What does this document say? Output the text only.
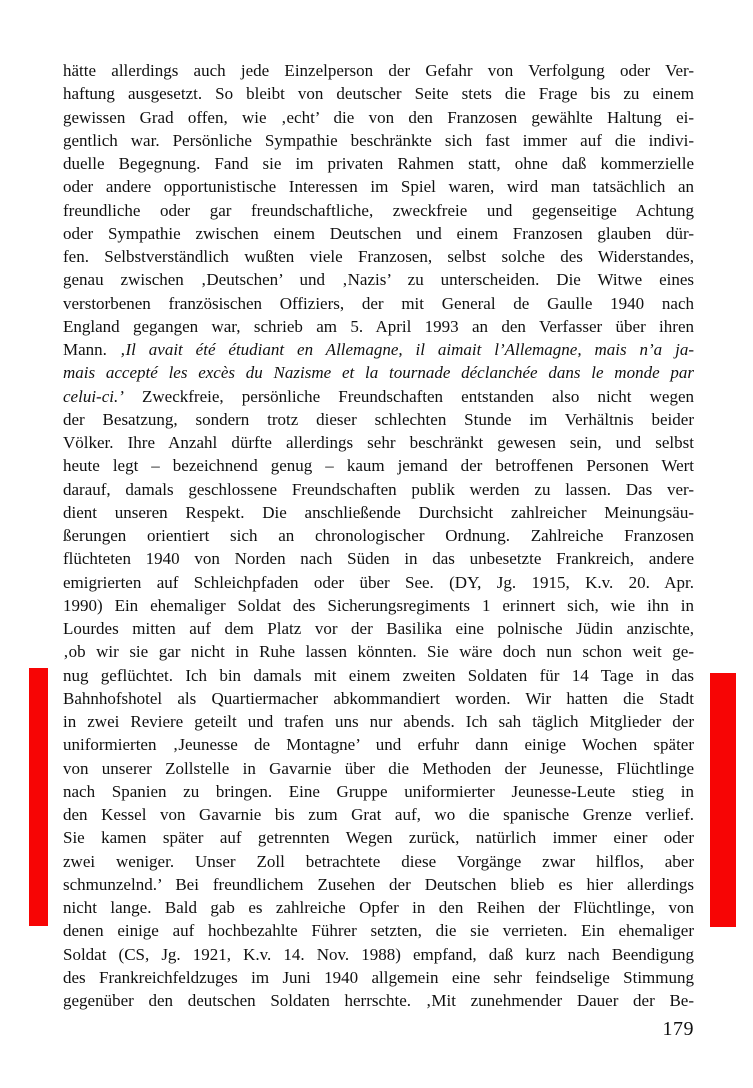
hätte allerdings auch jede Einzelperson der Gefahr von Verfolgung oder Ver-
haftung ausgesetzt. So bleibt von deutscher Seite stets die Frage bis zu einem
gewissen Grad offen, wie ‚echt’ die von den Franzosen gewählte Haltung ei-
gentlich war. Persönliche Sympathie beschränkte sich fast immer auf die indivi-
duelle Begegnung. Fand sie im privaten Rahmen statt, ohne daß kommerzielle
oder andere opportunistische Interessen im Spiel waren, wird man tatsächlich an
freundliche oder gar freundschaftliche, zweckfreie und gegenseitige Achtung
oder Sympathie zwischen einem Deutschen und einem Franzosen glauben dür-
fen. Selbstverständlich wußten viele Franzosen, selbst solche des Widerstandes,
genau zwischen ‚Deutschen’ und ‚Nazis’ zu unterscheiden. Die Witwe eines
verstorbenen französischen Offiziers, der mit General de Gaulle 1940 nach
England gegangen war, schrieb am 5. April 1993 an den Verfasser über ihren
Mann. ‚Il avait été étudiant en Allemagne, il aimait l’Allemagne, mais n’a ja-
mais accepté les excès du Nazisme et la tournade déclanchée dans le monde par
celui-ci.’ Zweckfreie, persönliche Freundschaften entstanden also nicht wegen
der Besatzung, sondern trotz dieser schlechten Stunde im Verhältnis beider
Völker. Ihre Anzahl dürfte allerdings sehr beschränkt gewesen sein, und selbst
heute legt – bezeichnend genug – kaum jemand der betroffenen Personen Wert
darauf, damals geschlossene Freundschaften publik werden zu lassen. Das ver-
dient unseren Respekt. Die anschließende Durchsicht zahlreicher Meinungsäu-
ßerungen orientiert sich an chronologischer Ordnung. Zahlreiche Franzosen
flüchteten 1940 von Norden nach Süden in das unbesetzte Frankreich, andere
emigrierten auf Schleichpfaden oder über See. (DY, Jg. 1915, K.v. 20. Apr.
1990) Ein ehemaliger Soldat des Sicherungsregiments 1 erinnert sich, wie ihn in
Lourdes mitten auf dem Platz vor der Basilika eine polnische Jüdin anzischte,
‚ob wir sie gar nicht in Ruhe lassen könnten. Sie wäre doch nun schon weit ge-
nug geflüchtet. Ich bin damals mit einem zweiten Soldaten für 14 Tage in das
Bahnhofshotel als Quartiermacher abkommandiert worden. Wir hatten die Stadt
in zwei Reviere geteilt und trafen uns nur abends. Ich sah täglich Mitglieder der
uniformierten ‚Jeunesse de Montagne’ und erfuhr dann einige Wochen später
von unserer Zollstelle in Gavarnie über die Methoden der Jeunesse, Flüchtlinge
nach Spanien zu bringen. Eine Gruppe uniformierter Jeunesse-Leute stieg in
den Kessel von Gavarnie bis zum Grat auf, wo die spanische Grenze verlief.
Sie kamen später auf getrennten Wegen zurück, natürlich immer einer oder
zwei weniger. Unser Zoll betrachtete diese Vorgänge zwar hilflos, aber
schmunzelnd.’ Bei freundlichem Zusehen der Deutschen blieb es hier allerdings
nicht lange. Bald gab es zahlreiche Opfer in den Reihen der Flüchtlinge, von
denen einige auf hochbezahlte Führer setzten, die sie verrieten. Ein ehemaliger
Soldat (CS, Jg. 1921, K.v. 14. Nov. 1988) empfand, daß kurz nach Beendigung
des Frankreichfeldzuges im Juni 1940 allgemein eine sehr feindselige Stimmung
gegenüber den deutschen Soldaten herrschte. ‚Mit zunehmender Dauer der Be-
179
